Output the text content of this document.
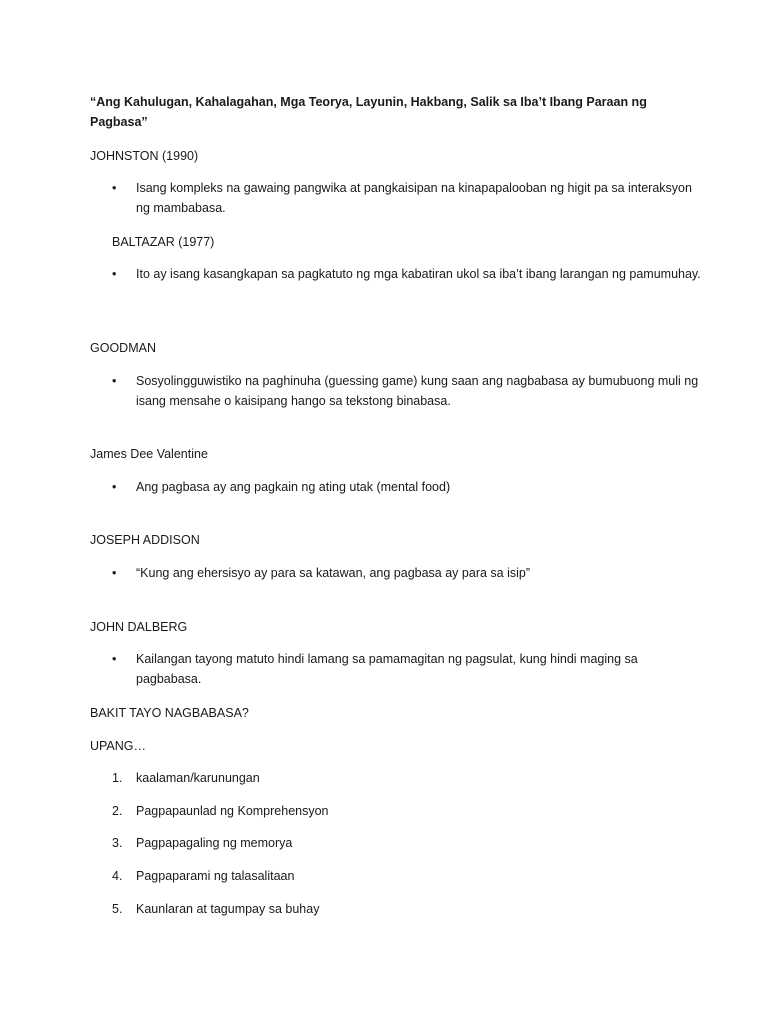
“Ang Kahulugan, Kahalagahan, Mga Teorya, Layunin, Hakbang, Salik sa Iba’t Ibang Paraan ng Pagbasa”
JOHNSTON (1990)
•	Isang kompleks na gawaing pangwika at pangkaisipan na kinapapalooban ng higit pa sa interaksyon ng mambabasa.
BALTAZAR (1977)
•	Ito ay isang kasangkapan sa pagkatuto ng mga kabatiran ukol sa iba’t ibang larangan ng pamumuhay.
GOODMAN
•	Sosyolingguwistiko na paghinuha (guessing game) kung saan ang nagbabasa ay bumubuong muli ng isang mensahe o kaisipang hango sa tekstong binabasa.
James Dee Valentine
•	Ang pagbasa ay ang pagkain ng ating utak (mental food)
JOSEPH ADDISON
•	“Kung ang ehersisyo ay para sa katawan, ang pagbasa ay para sa isip”
JOHN DALBERG
•	Kailangan tayong matuto hindi lamang sa pamamagitan ng pagsulat, kung hindi maging sa pagbabasa.
BAKIT TAYO NAGBABASA?
UPANG…
1. kaalaman/karunungan
2. Pagpapaunlad ng Komprehensyon
3. Pagpapagaling ng memorya
4. Pagpaparami ng talasalitaan
5. Kaunlaran at tagumpay sa buhay
